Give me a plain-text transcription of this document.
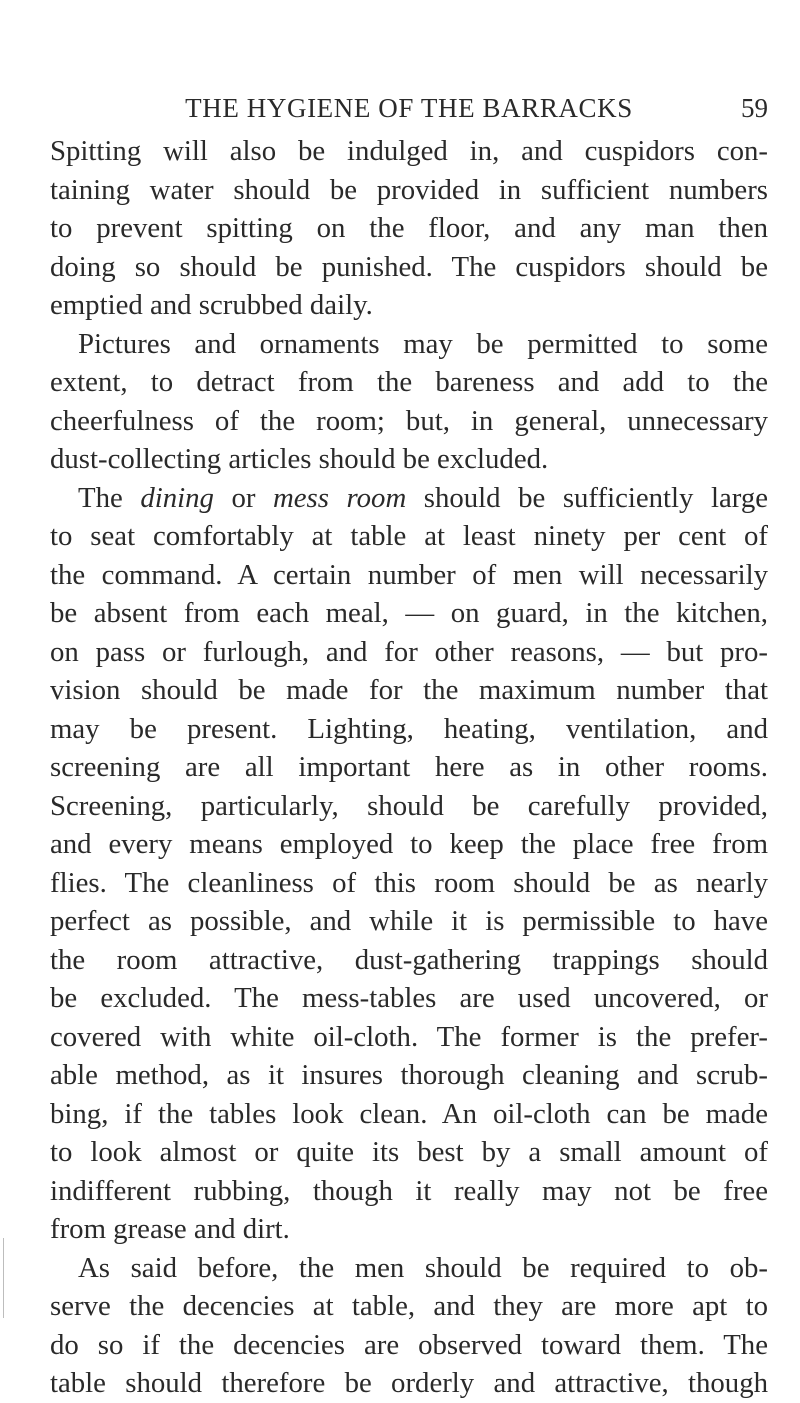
THE HYGIENE OF THE BARRACKS	59
Spitting will also be indulged in, and cuspidors con-
taining water should be provided in sufficient numbers
to prevent spitting on the floor, and any man then
doing so should be punished. The cuspidors should be
emptied and scrubbed daily.
Pictures and ornaments may be permitted to some
extent, to detract from the bareness and add to the
cheerfulness of the room; but, in general, unnecessary
dust-collecting articles should be excluded.
The dining or mess room should be sufficiently large
to seat comfortably at table at least ninety per cent of
the command. A certain number of men will necessarily
be absent from each meal, — on guard, in the kitchen,
on pass or furlough, and for other reasons, — but pro-
vision should be made for the maximum number that
may be present. Lighting, heating, ventilation, and
screening are all important here as in other rooms.
Screening, particularly, should be carefully provided,
and every means employed to keep the place free from
flies. The cleanliness of this room should be as nearly
perfect as possible, and while it is permissible to have
the room attractive, dust-gathering trappings should
be excluded. The mess-tables are used uncovered, or
covered with white oil-cloth. The former is the prefer-
able method, as it insures thorough cleaning and scrub-
bing, if the tables look clean. An oil-cloth can be made
to look almost or quite its best by a small amount of
indifferent rubbing, though it really may not be free
from grease and dirt.
As said before, the men should be required to ob-
serve the decencies at table, and they are more apt to
do so if the decencies are observed toward them. The
table should therefore be orderly and attractive, though
